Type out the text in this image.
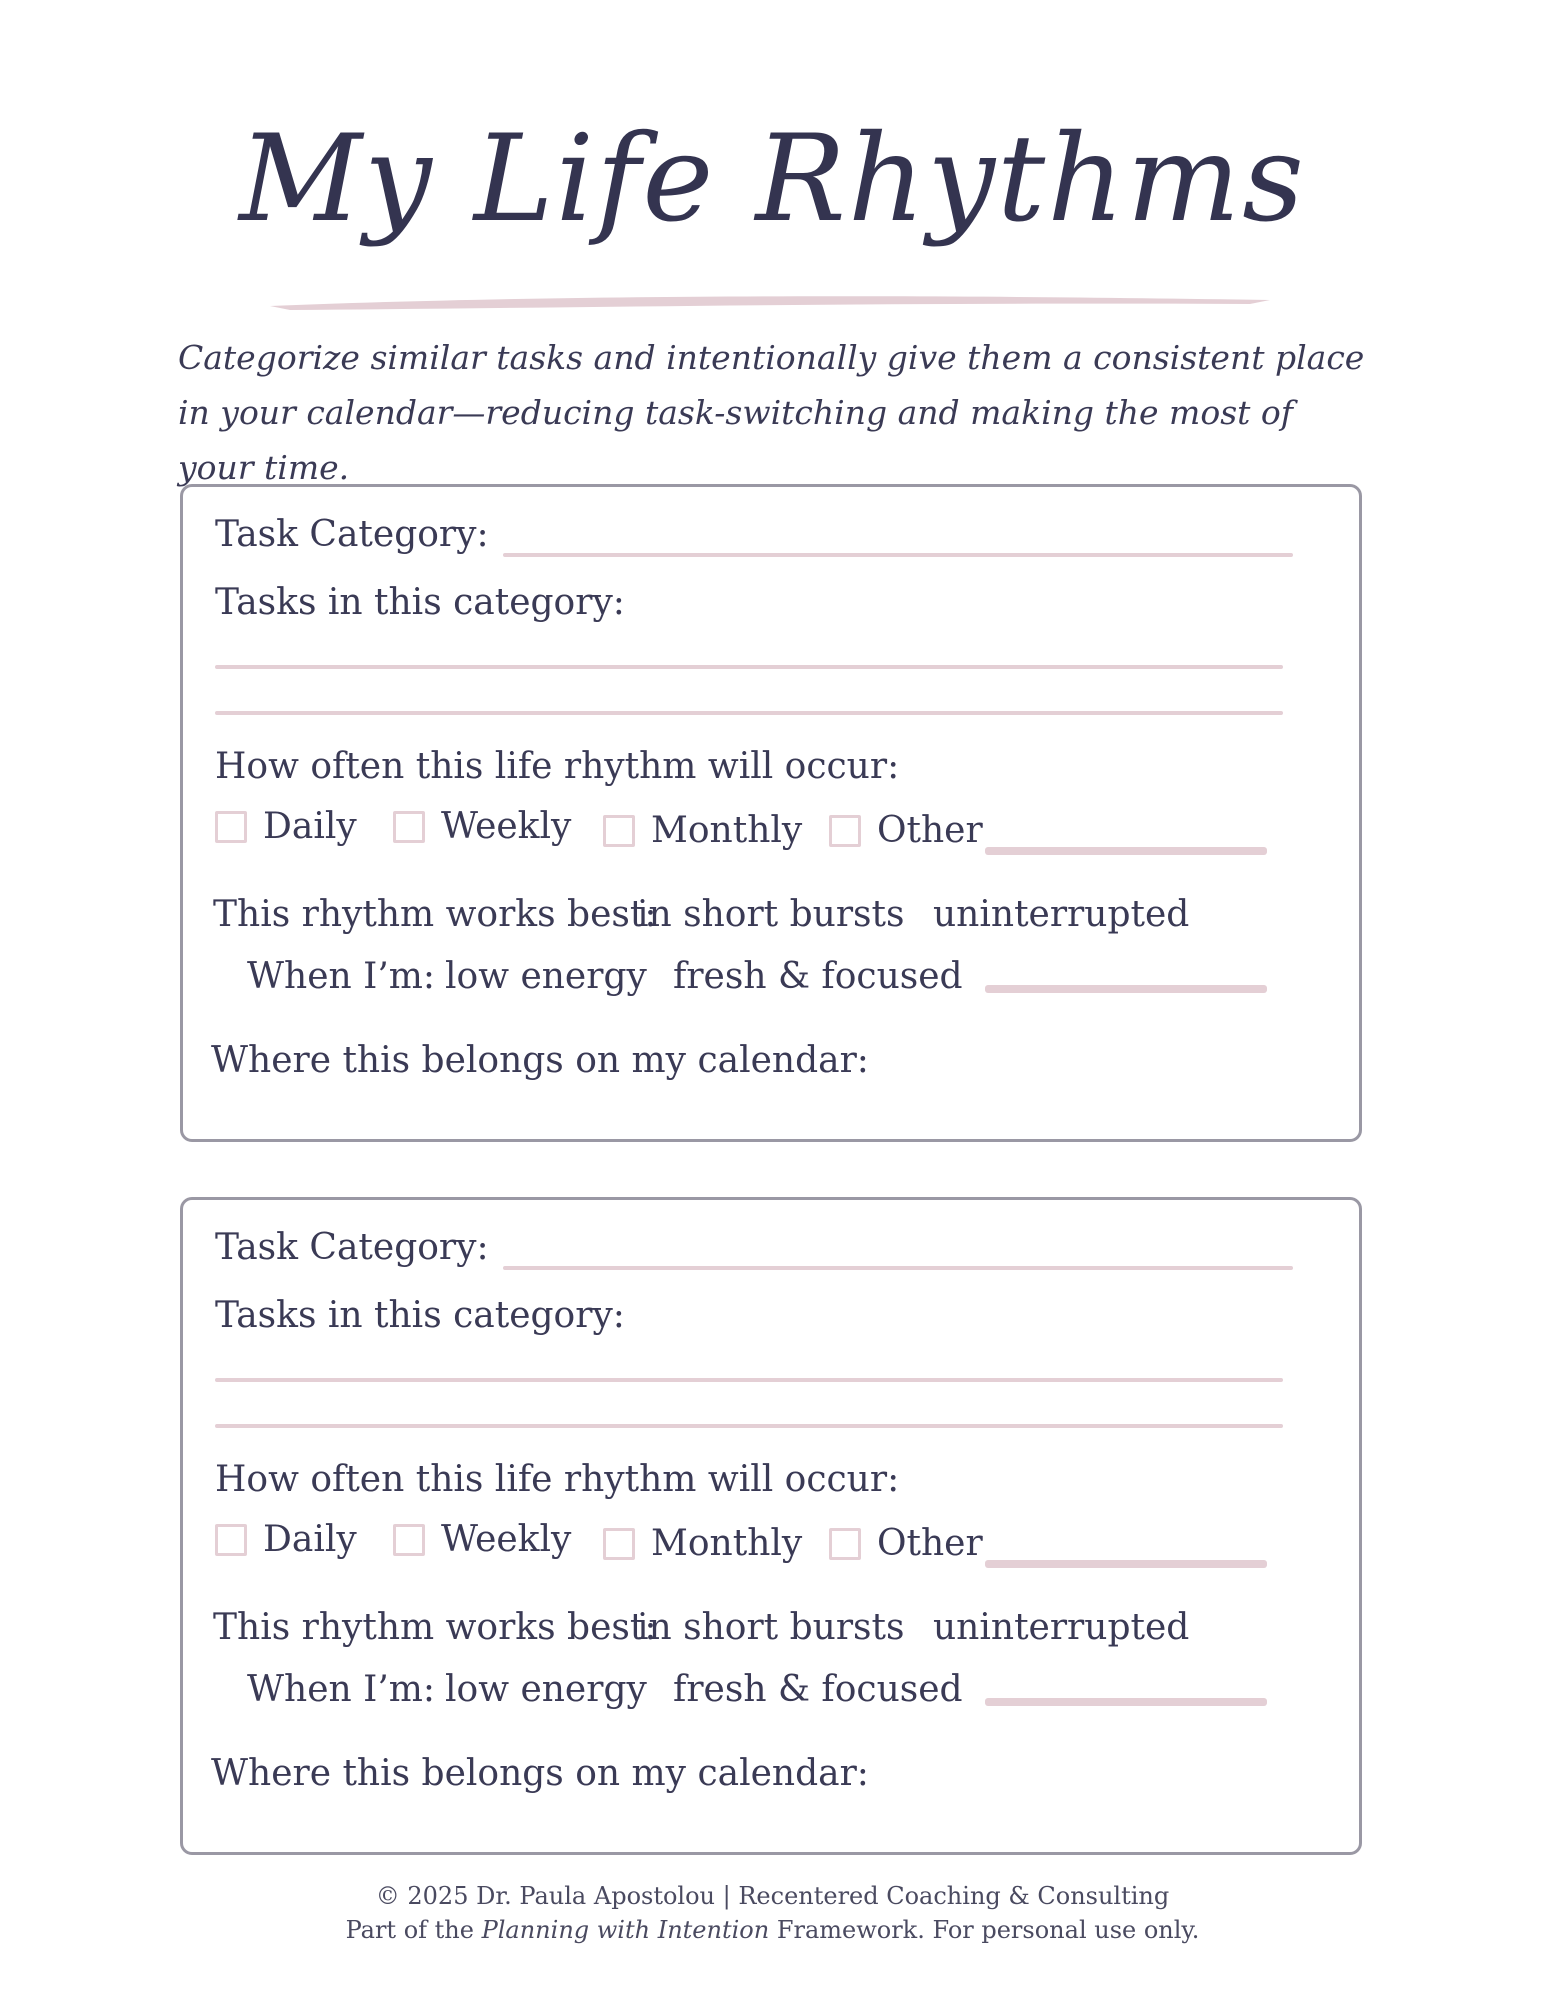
My Life Rhythms
Categorize similar tasks and intentionally give them a consistent place in your calendar—reducing task-switching and making the most of your time.
Task Category:
Tasks in this category:
How often this life rhythm will occur:
Daily Weekly Monthly Other
This rhythm works best:
in short bursts uninterrupted
When I’m: low energy fresh & focused
Where this belongs on my calendar:
Task Category:
Tasks in this category:
How often this life rhythm will occur:
Daily Weekly Monthly Other
This rhythm works best:
in short bursts uninterrupted
When I’m: low energy fresh & focused
Where this belongs on my calendar:
© 2025 Dr. Paula Apostolou | Recentered Coaching & Consulting
Part of the Planning with Intention Framework. For personal use only.
